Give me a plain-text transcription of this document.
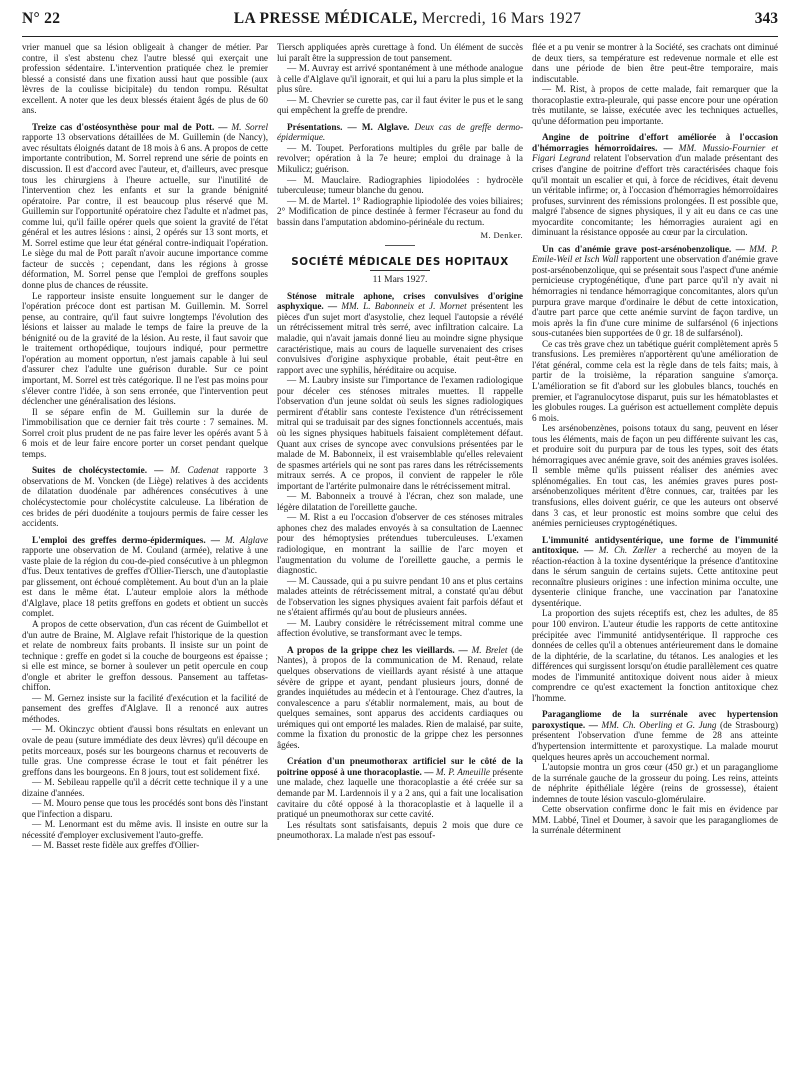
N° 22	LA PRESSE MÉDICALE, Mercredi, 16 Mars 1927	343

vrier manuel que sa lésion obligeait à changer de métier. Par contre, il s'est abstenu chez l'autre blessé qui exerçait une profession sédentaire. L'intervention pratiquée chez le premier blessé a consisté dans une fixation aussi haut que possible (aux lèvres de la coulisse bicipitale) du tendon rompu. Résultat excellent. A noter que les deux blessés étaient âgés de plus de 60 ans.

Treize cas d'ostéosynthèse pour mal de Pott. — M. Sorrel rapporte 13 observations détaillées de M. Guillemin (de Nancy), avec résultats éloignés datant de 18 mois à 6 ans. A propos de cette importante contribution, M. Sorrel reprend une série de points en discussion. Il est d'accord avec l'auteur, et, d'ailleurs, avec presque tous les chirurgiens à l'heure actuelle, sur l'inutilité de l'intervention chez les enfants et sur la grande bénignité opératoire. Par contre, il est beaucoup plus réservé que M. Guillemin sur l'opportunité opératoire chez l'adulte et n'admet pas, comme lui, qu'il faille opérer quels que soient la gravité de l'état général et les autres lésions : ainsi, 2 opérés sur 13 sont morts, et M. Sorrel estime que leur état général contre-indiquait l'opération. Le siège du mal de Pott paraît n'avoir aucune importance comme facteur de succès ; cependant, dans les régions à grosse déformation, M. Sorrel pense que l'emploi de greffons souples donne plus de chances de réussite.

Le rapporteur insiste ensuite longuement sur le danger de l'opération précoce dont est partisan M. Guillemin. M. Sorrel pense, au contraire, qu'il faut suivre longtemps l'évolution des lésions et laisser au malade le temps de faire la preuve de la bénignité ou de la gravité de la lésion. Au reste, il faut savoir que le traitement orthopédique, toujours indiqué, pour permettre l'opération au moment opportun, n'est jamais capable à lui seul d'assurer chez l'adulte une guérison durable. Sur ce point important, M. Sorrel est très catégorique. Il ne l'est pas moins pour s'élever contre l'idée, à son sens erronée, que l'intervention peut déclencher une généralisation des lésions.

Il se sépare enfin de M. Guillemin sur la durée de l'immobilisation que ce dernier fait très courte : 7 semaines. M. Sorrel croit plus prudent de ne pas faire lever les opérés avant 5 à 6 mois et de leur faire encore porter un corset pendant quelque temps.

Suites de cholécystectomie. — M. Cadenat rapporte 3 observations de M. Voncken (de Liège) relatives à des accidents de dilatation duodénale par adhérences consécutives à une cholécystectomie pour cholécystite calculeuse. La libération de ces brides de péri duodénite a toujours permis de faire cesser les accidents.

L'emploi des greffes dermo-épidermiques. — M. Alglave rapporte une observation de M. Couland (armée), relative à une vaste plaie de la région du cou-de-pied consécutive à un phlegmon d'fus. Deux tentatives de greffes d'Ollier-Tiersch, une d'autoplastie par glissement, ont échoué complètement. Au bout d'un an la plaie est dans le même état. L'auteur emploie alors la méthode d'Alglave, place 18 petits greffons en godets et obtient un succès complet.

A propos de cette observation, d'un cas récent de Guimbellot et d'un autre de Braine, M. Alglave refait l'historique de la question et relate de nombreux faits probants. Il insiste sur un point de technique : greffe en godet si la couche de bourgeons est épaisse ; si elle est mince, se borner à soulever un petit opercule en coup d'ongle et abriter le greffon dessous. Pansement au taffetas-chiffon.

— M. Gernez insiste sur la facilité d'exécution et la facilité de pansement des greffes d'Alglave. Il a renoncé aux autres méthodes.

— M. Okinczyc obtient d'aussi bons résultats en enlevant un ovale de peau (suture immédiate des deux lèvres) qu'il découpe en petits morceaux, posés sur les bourgeons charnus et recouverts de tulle gras. Une compresse écrase le tout et fait pénétrer les greffons dans les bourgeons. En 8 jours, tout est solidement fixé.

— M. Sebileau rappelle qu'il a décrit cette technique il y a une dizaine d'années.

— M. Mouro pense que tous les procédés sont bons dès l'instant que l'infection a disparu.

— M. Lenormant est du même avis. Il insiste en outre sur la nécessité d'employer exclusivement l'auto-greffe.

— M. Basset reste fidèle aux greffes d'Ollier-

Tiersch appliquées après curettage à fond. Un élément de succès lui paraît être la suppression de tout pansement.

— M. Auvray est arrivé spontanément à une méthode analogue à celle d'Alglave qu'il ignorait, et qui lui a paru la plus simple et la plus sûre.

— M. Chevrier se curette pas, car il faut éviter le pus et le sang qui empêchent la greffe de prendre.

Présentations. — M. Alglave. Deux cas de greffe dermo-épidermique.

— M. Toupet. Perforations multiples du grêle par balle de revolver; opération à la 7e heure; emploi du drainage à la Mikulicz; guérison.

— M. Mauclaire. Radiographies lipiodolées : hydrocèle tuberculeuse; tumeur blanche du genou.

— M. de Martel. 1° Radiographie lipiodolée des voies biliaires; 2° Modification de pince destinée à fermer l'écraseur au fond du bassin dans l'amputation abdomino-périnéale du rectum.

M. Denker.

SOCIÉTÉ MÉDICALE DES HOPITAUX
11 Mars 1927.

Sténose mitrale aphone, crises convulsives d'origine asphyxique. — MM. L. Babonneix et J. Mornet présentent les pièces d'un sujet mort d'asystolie, chez lequel l'autopsie a révélé un rétrécissement mitral très serré, avec infiltration calcaire. La maladie, qui n'avait jamais donné lieu au moindre signe physique caractéristique, mais au cours de laquelle survenaient des crises convulsives d'origine asphyxique probable, était peut-être en rapport avec une syphilis, héréditaire ou acquise.

— M. Laubry insiste sur l'importance de l'examen radiologique pour déceler ces sténoses mitrales muettes. Il rappelle l'observation d'un jeune soldat où seuls les signes radiologiques permirent d'établir sans conteste l'existence d'un rétrécissement mitral qui se traduisait par des signes fonctionnels accentués, mais où les signes physiques habituels faisaient complètement défaut. Quant aux crises de syncope avec convulsions présentées par le malade de M. Babonneix, il est vraisemblable qu'elles relevaient de spasmes artériels qui ne sont pas rares dans les rétrécissements mitraux serrés. A ce propos, il convient de rappeler le rôle important de l'artérite pulmonaire dans le rétrécissement mitral.

— M. Babonneix a trouvé à l'écran, chez son malade, une légère dilatation de l'oreillette gauche.

— M. Rist a eu l'occasion d'observer de ces sténoses mitrales aphones chez des malades envoyés à sa consultation de Laennec pour des hémoptysies prétendues tuberculeuses. L'examen radiologique, en montrant la saillie de l'arc moyen et l'augmentation du volume de l'oreillette gauche, a permis le diagnostic.

— M. Caussade, qui a pu suivre pendant 10 ans et plus certains malades atteints de rétrécissement mitral, a constaté qu'au début de l'observation les signes physiques avaient fait parfois défaut et ne s'étaient affirmés qu'au bout de plusieurs années.

— M. Laubry considère le rétrécissement mitral comme une affection évolutive, se transformant avec le temps.

A propos de la grippe chez les vieillards. — M. Brelet (de Nantes), à propos de la communication de M. Renaud, relate quelques observations de vieillards ayant résisté à une attaque sévère de grippe et ayant, pendant plusieurs jours, donné de grandes inquiétudes au médecin et à l'entourage. Chez d'autres, la convalescence a paru s'établir normalement, mais, au bout de quelques semaines, sont apparus des accidents cardiaques ou urémiques qui ont emporté les malades. Rien de malaisé, par suite, comme la fixation du pronostic de la grippe chez les personnes âgées.

Création d'un pneumothorax artificiel sur le côté de la poitrine opposé à une thoracoplastie. — M. P. Ameuille présente une malade, chez laquelle une thoracoplastie a été créée sur sa demande par M. Lardennois il y a 2 ans, qui a fait une localisation cavitaire du côté opposé à la thoracoplastie et à laquelle il a pratiqué un pneumothorax sur cette cavité.

Les résultats sont satisfaisants, depuis 2 mois que dure ce pneumothorax. La malade n'est pas essouf-

flée et a pu venir se montrer à la Société, ses crachats ont diminué de deux tiers, sa température est redevenue normale et elle est dans une période de bien être peut-être temporaire, mais indiscutable.

— M. Rist, à propos de cette malade, fait remarquer que la thoracoplastie extra-pleurale, qui passe encore pour une opération très mutilante, se laisse, exécutée avec les techniques actuelles, qu'une déformation peu importante.

Angine de poitrine d'effort améliorée à l'occasion d'hémorragies hémorroïdaires. — MM. Mussio-Fournier et Figari Legrand relatent l'observation d'un malade présentant des crises d'angine de poitrine d'effort très caractérisées chaque fois qu'il montait un escalier et qui, à force de récidives, était devenu un véritable infirme; or, à l'occasion d'hémorragies hémorroïdaires profuses, survinrent des rémissions prolongées. Il est possible que, malgré l'absence de signes physiques, il y ait eu dans ce cas une myocardite concomitante; les hémorragies auraient agi en diminuant la résistance opposée au cœur par la circulation.

Un cas d'anémie grave post-arsénobenzolique. — MM. P. Emile-Weil et Isch Wall rapportent une observation d'anémie grave post-arsénobenzolique, qui se présentait sous l'aspect d'une anémie pernicieuse cryptogénétique, d'une part parce qu'il n'y avait ni hémorragies ni tendance hémorragique concomitantes, alors qu'un purpura grave marque d'ordinaire le début de cette intoxication, d'autre part parce que cette anémie survint de façon tardive, un mois après la fin d'une cure minime de sulfarsénol (6 injections sous-cutanées bien supportées de 0 gr. 18 de sulfarsénol).

Ce cas très grave chez un tabétique guérit complètement après 5 transfusions. Les premières n'apportèrent qu'une amélioration de l'état général, comme cela est la règle dans de tels faits; mais, à partir de la troisième, la réparation sanguine s'amorça. L'amélioration se fit d'abord sur les globules blancs, touchés en premier, et l'agranulocytose disparut, puis sur les hématoblastes et les globules rouges. La guérison est actuellement complète depuis 6 mois.

Les arsénobenzènes, poisons totaux du sang, peuvent en léser tous les éléments, mais de façon un peu différente suivant les cas, et produire soit du purpura par de tous les types, soit des états hémorragiques avec anémie grave, soit des anémies graves isolées. Il semble même qu'ils puissent réaliser des anémies avec splénomégalies. En tout cas, les anémies graves pures post-arsénobenzoliques méritent d'être connues, car, traitées par les transfusions, elles doivent guérir, ce que les auteurs ont observé dans 3 cas, et leur pronostic est moins sombre que celui des anémies pernicieuses cryptogénétiques.

L'immunité antidysentérique, une forme de l'immunité antitoxique. — M. Ch. Zœller a recherché au moyen de la réaction-réaction à la toxine dysentérique la présence d'antitoxine dans le sérum sanguin de certains sujets. Cette antitoxine peut reconnaître plusieurs origines : une infection minima occulte, une dysenterie clinique franche, une vaccination par l'anatoxine dysentérique.

La proportion des sujets réceptifs est, chez les adultes, de 85 pour 100 environ. L'auteur étudie les rapports de cette antitoxine précipitée avec l'immunité antidysentérique. Il rapproche ces données de celles qu'il a obtenues antérieurement dans le domaine de la diphtérie, de la scarlatine, du tétanos. Les analogies et les différences qui surgissent lorsqu'on étudie parallèlement ces quatre modes de l'immunité antitoxique doivent nous aider à mieux comprendre ce qu'est exactement la fonction antitoxique chez l'homme.

Paragangliome de la surrénale avec hypertension paroxystique. — MM. Ch. Oberling et G. Jung (de Strasbourg) présentent l'observation d'une femme de 28 ans atteinte d'hypertension intermittente et paroxystique. La malade mourut quelques heures après un accouchement normal.

L'autopsie montra un gros cœur (450 gr.) et un paragangliome de la surrénale gauche de la grosseur du poing. Les reins, atteints de néphrite épithéliale légère (reins de grossesse), étaient indemnes de toute lésion vasculo-glomérulaire.

Cette observation confirme donc le fait mis en évidence par MM. Labbé, Tinel et Doumer, à savoir que les paragangliomes de la surrénale déterminent
